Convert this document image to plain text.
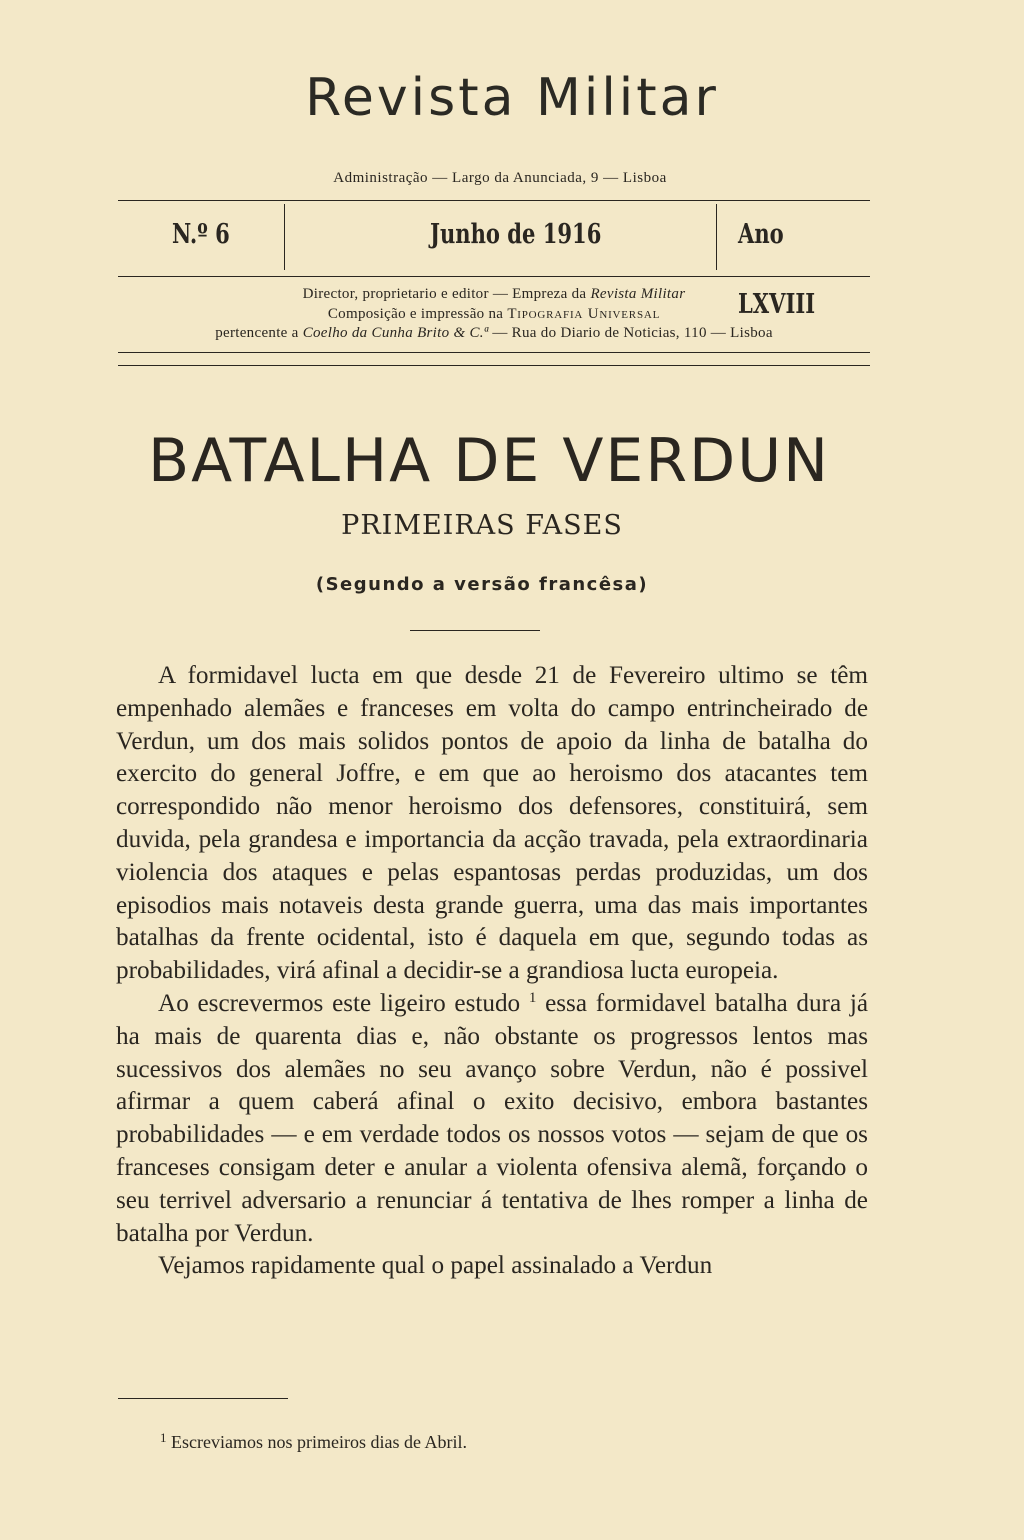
Revista Militar
Administração — Largo da Anunciada, 9 — Lisboa
N.º 6	Junho de 1916	Ano LXVIII
Director, proprietario e editor — Empreza da Revista Militar
Composição e impressão na Tipografia Universal
pertencente a Coelho da Cunha Brito & C.ª — Rua do Diario de Noticias, 110 — Lisboa
BATALHA DE VERDUN
PRIMEIRAS FASES
(Segundo a versão francêsa)

A formidavel lucta em que desde 21 de Fevereiro ultimo se têm empenhado alemães e franceses em volta do campo entrincheirado de Verdun, um dos mais solidos pontos de apoio da linha de batalha do exercito do general Joffre, e em que ao heroismo dos atacantes tem correspondido não menor heroismo dos defensores, constituirá, sem duvida, pela grandesa e importancia da acção travada, pela extraordinaria violencia dos ataques e pelas espantosas perdas produzidas, um dos episodios mais notaveis desta grande guerra, uma das mais importantes batalhas da frente ocidental, isto é daquela em que, segundo todas as probabilidades, virá afinal a decidir-se a grandiosa lucta europeia.

Ao escrevermos este ligeiro estudo $^1$ essa formidavel batalha dura já ha mais de quarenta dias e, não obstante os progressos lentos mas sucessivos dos alemães no seu avanço sobre Verdun, não é possivel afirmar a quem caberá afinal o exito decisivo, embora bastantes probabilidades — e em verdade todos os nossos votos — sejam de que os franceses consigam deter e anular a violenta ofensiva alemã, forçando o seu terrivel adversario a renunciar á tentativa de lhes romper a linha de batalha por Verdun.

Vejamos rapidamente qual o papel assinalado a Verdun

$^1$ Escreviamos nos primeiros dias de Abril.
